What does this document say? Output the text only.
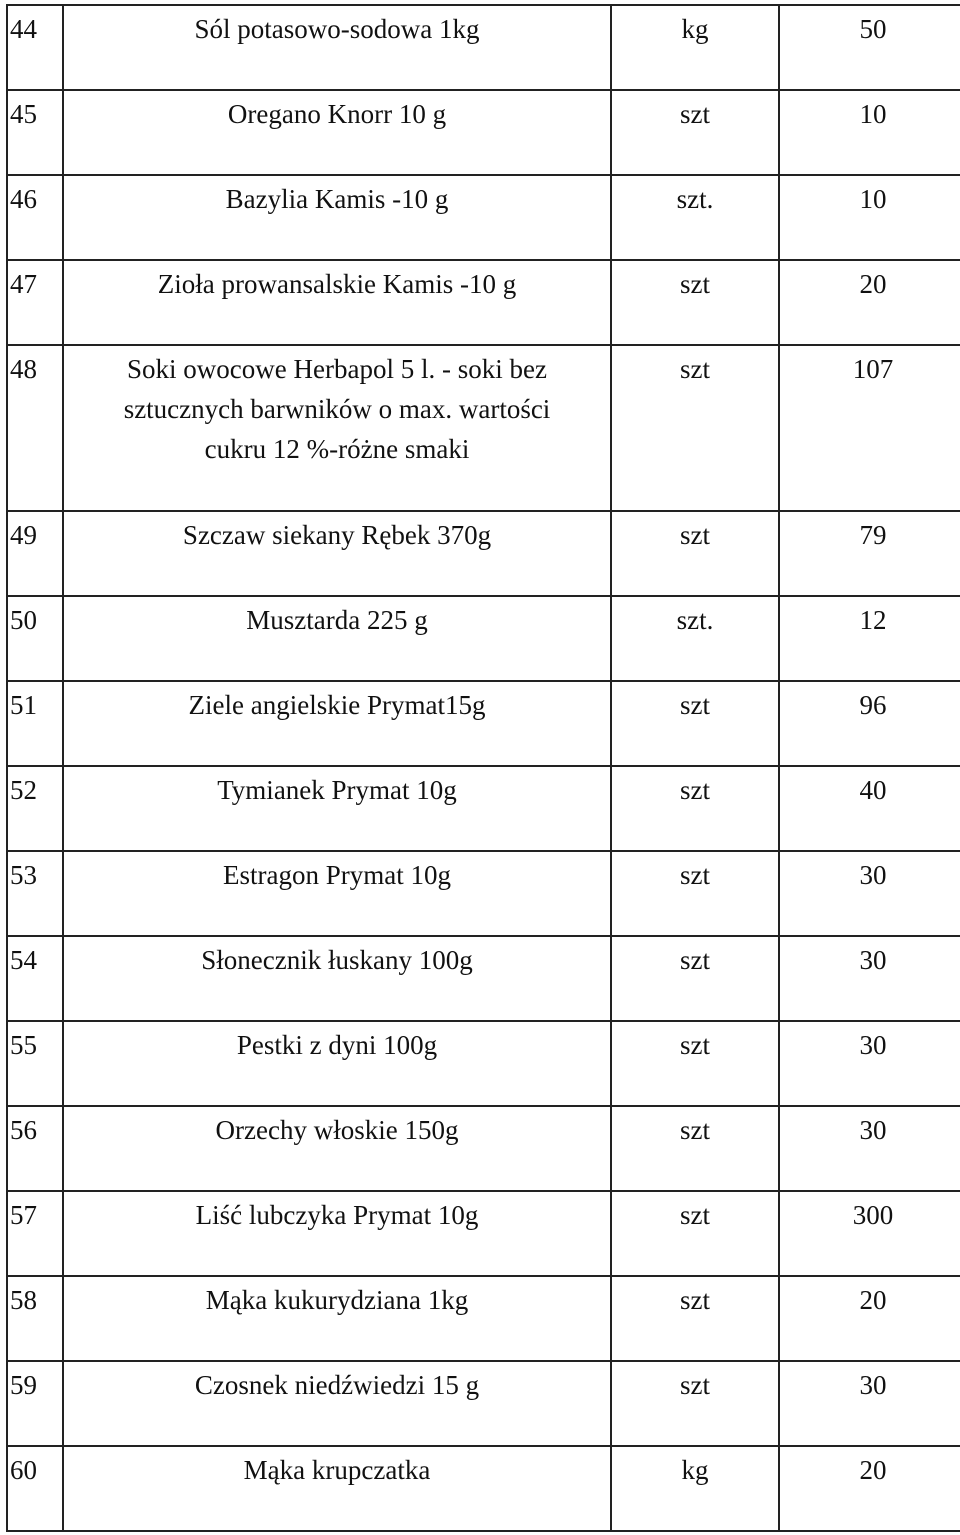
44	Sól potasowo-sodowa 1kg	kg	50
45	Oregano Knorr 10 g	szt	10
46	Bazylia Kamis -10 g	szt.	10
47	Zioła prowansalskie Kamis -10 g	szt	20
48	Soki owocowe Herbapol 5 l. - soki bez
sztucznych barwników o max. wartości
cukru 12 %-różne smaki	szt	107
49	Szczaw siekany Rębek 370g	szt	79
50	Musztarda 225 g	szt.	12
51	Ziele angielskie Prymat15g	szt	96
52	Tymianek Prymat 10g	szt	40
53	Estragon Prymat 10g	szt	30
54	Słonecznik łuskany 100g	szt	30
55	Pestki z dyni 100g	szt	30
56	Orzechy włoskie 150g	szt	30
57	Liść lubczyka Prymat 10g	szt	300
58	Mąka kukurydziana 1kg	szt	20
59	Czosnek niedźwiedzi 15 g	szt	30
60	Mąka krupczatka	kg	20
